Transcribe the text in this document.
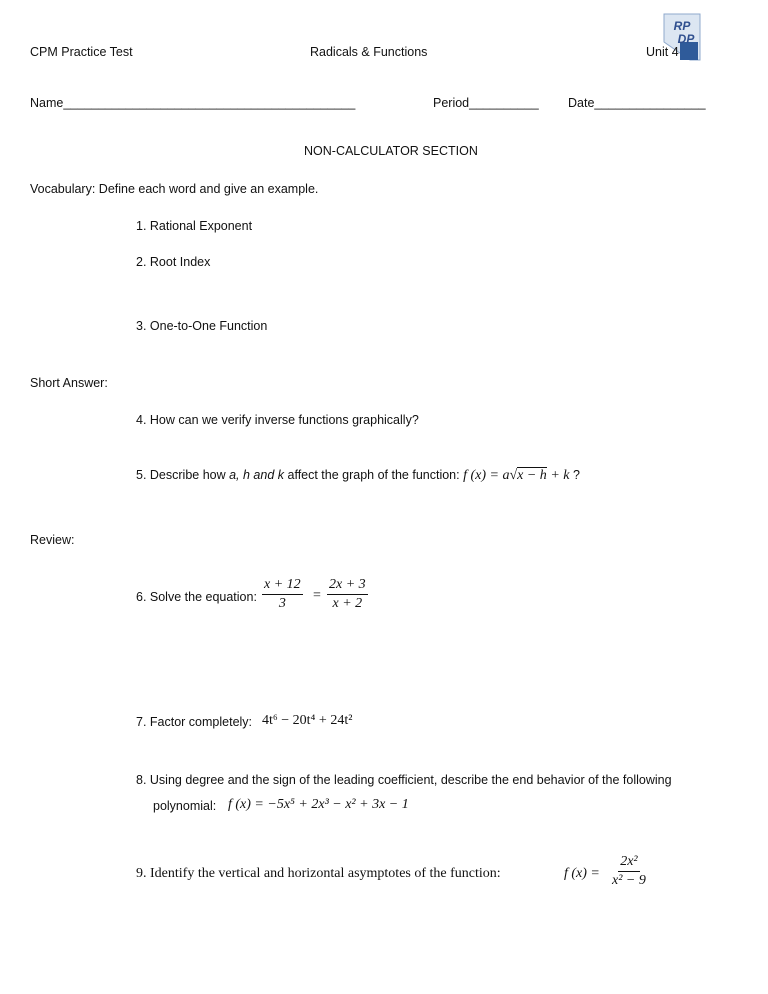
RP
DP
CPM Practice Test	Radicals & Functions	Unit 4
Name__________________________________________	Period__________ Date________________
NON-CALCULATOR SECTION
Vocabulary: Define each word and give an example.
1. Rational Exponent
2. Root Index
3. One-to-One Function
Short Answer:
4. How can we verify inverse functions graphically?
5. Describe how a, h and k affect the graph of the function: f (x) = a√x − h + k ?
Review:
6. Solve the equation: $\frac{x + 12}{3} = \frac{2x + 3}{x + 2}$
7. Factor completely: 4t⁶ − 20t⁴ + 24t²
8. Using degree and the sign of the leading coefficient, describe the end behavior of the following
polynomial: f (x) = −5x⁵ + 2x³ − x² + 3x − 1
9. Identify the vertical and horizontal asymptotes of the function:	f $(x) = \frac{\text{2x²}}{\text{x² − 9}}$
